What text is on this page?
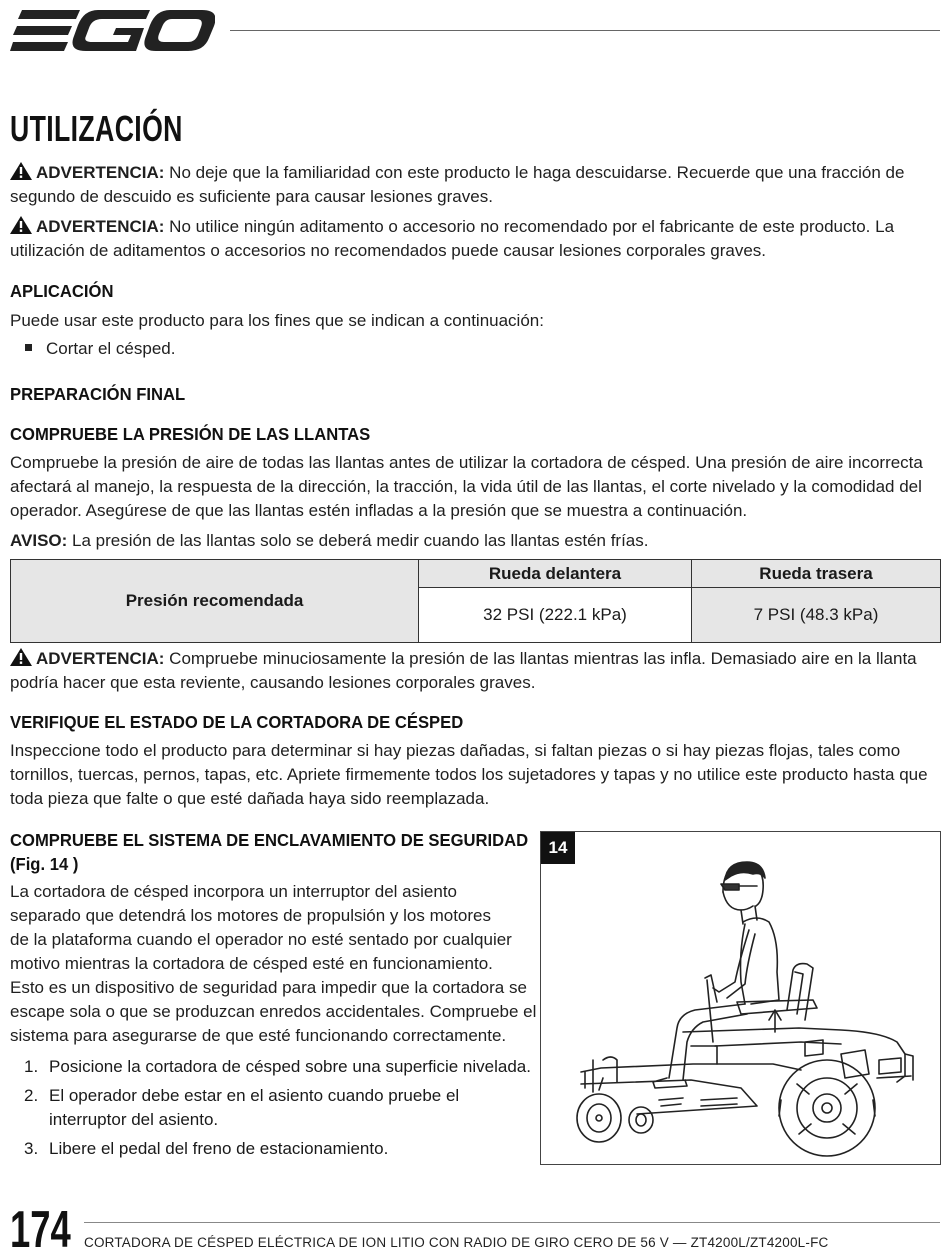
UTILIZACIÓN

ADVERTENCIA: No deje que la familiaridad con este producto le haga descuidarse. Recuerde que una fracción de segundo de descuido es suficiente para causar lesiones graves.

ADVERTENCIA: No utilice ningún aditamento o accesorio no recomendado por el fabricante de este producto. La utilización de aditamentos o accesorios no recomendados puede causar lesiones corporales graves.

APLICACIÓN

Puede usar este producto para los fines que se indican a continuación:

Cortar el césped.

PREPARACIÓN FINAL
COMPRUEBE LA PRESIÓN DE LAS LLANTAS

Compruebe la presión de aire de todas las llantas antes de utilizar la cortadora de césped. Una presión de aire incorrecta afectará al manejo, la respuesta de la dirección, la tracción, la vida útil de las llantas, el corte nivelado y la comodidad del operador. Asegúrese de que las llantas estén infladas a la presión que se muestra a continuación.

AVISO: La presión de las llantas solo se deberá medir cuando las llantas estén frías.

Presión recomendada	Rueda delantera	Rueda trasera
	32 PSI (222.1 kPa)	7 PSI (48.3 kPa)

ADVERTENCIA: Compruebe minuciosamente la presión de las llantas mientras las infla. Demasiado aire en la llanta podría hacer que esta reviente, causando lesiones corporales graves.

VERIFIQUE EL ESTADO DE LA CORTADORA DE CÉSPED

Inspeccione todo el producto para determinar si hay piezas dañadas, si faltan piezas o si hay piezas flojas, tales como tornillos, tuercas, pernos, tapas, etc. Apriete firmemente todos los sujetadores y tapas y no utilice este producto hasta que toda pieza que falte o que esté dañada haya sido reemplazada.

COMPRUEBE EL SISTEMA DE ENCLAVAMIENTO DE SEGURIDAD
(Fig. 14 )
La cortadora de césped incorpora un interruptor del asiento
separado que detendrá los motores de propulsión y los motores
de la plataforma cuando el operador no esté sentado por cualquier
motivo mientras la cortadora de césped esté en funcionamiento.
Esto es un dispositivo de seguridad para impedir que la cortadora se
escape sola o que se produzcan enredos accidentales. Compruebe el
sistema para asegurarse de que esté funcionando correctamente.
1. Posicione la cortadora de césped sobre una superficie nivelada.
2. El operador debe estar en el asiento cuando pruebe el interruptor del asiento.
3. Libere el pedal del freno de estacionamiento.
14
174 CORTADORA DE CÉSPED ELÉCTRICA DE ION LITIO CON RADIO DE GIRO CERO DE 56 V — ZT4200L/ZT4200L-FC
